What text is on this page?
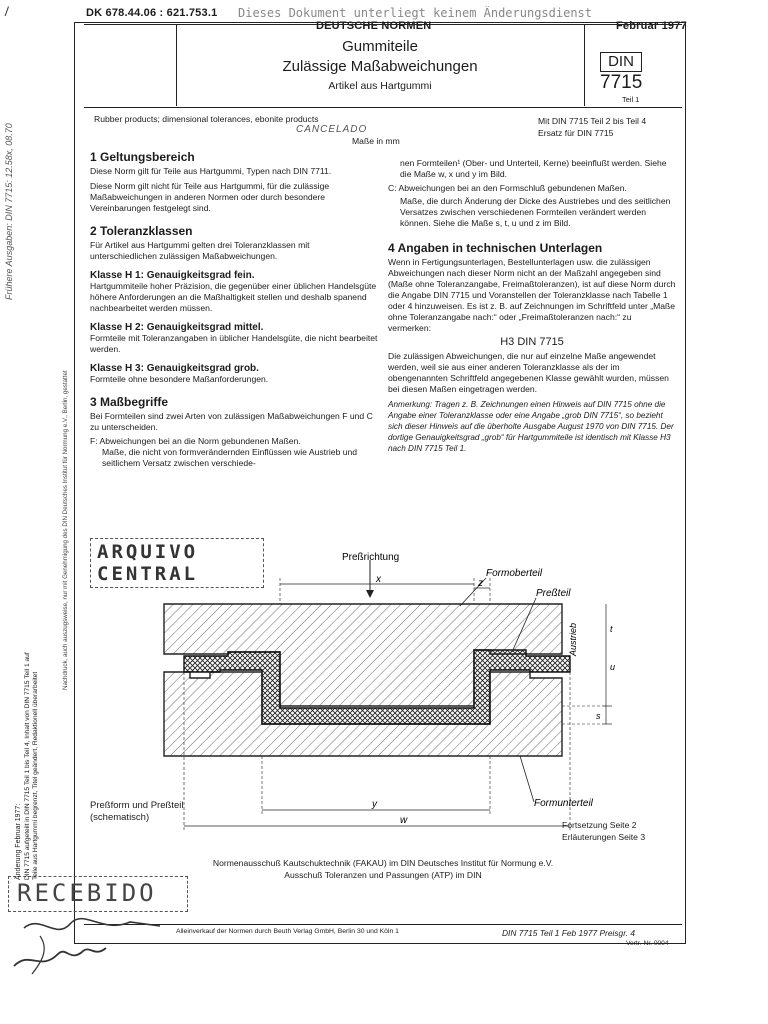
DK 678.44.06 : 621.753.1 Dieses Dokument unterliegt keinem Änderungsdienst
DEUTSCHE NORMEN	Februar 1977
Gummiteile
Zulässige Maßabweichungen
Artikel aus Hartgummi
DIN
7715
Teil 1
Rubber products; dimensional tolerances, ebonite products
CANCELADO
Maße in mm
Mit DIN 7715 Teil 2 bis Teil 4
Ersatz für DIN 7715
1 Geltungsbereich
Diese Norm gilt für Teile aus Hartgummi, Typen nach DIN 7711.
Diese Norm gilt nicht für Teile aus Hartgummi, für die zulässige Maßabweichungen in anderen Normen oder durch besondere Vereinbarungen festgelegt sind.
2 Toleranzklassen
Für Artikel aus Hartgummi gelten drei Toleranzklassen mit unterschiedlichen zulässigen Maßabweichungen.
Klasse H 1: Genauigkeitsgrad fein.
Hartgummiteile hoher Präzision, die gegenüber einer üblichen Handelsgüte höhere Anforderungen an die Maßhaltigkeit stellen und deshalb spanend nachbearbeitet werden müssen.
Klasse H 2: Genauigkeitsgrad mittel.
Formteile mit Toleranzangaben in üblicher Handelsgüte, die nicht bearbeitet werden.
Klasse H 3: Genauigkeitsgrad grob.
Formteile ohne besondere Maßanforderungen.
3 Maßbegriffe
Bei Formteilen sind zwei Arten von zulässigen Maßabweichungen F und C zu unterscheiden.
F: Abweichungen bei an die Norm gebundenen Maßen.
Maße, die nicht von formverändernden Einflüssen wie Austrieb und seitlichem Versatz zwischen verschiede-
nen Formteilen¹ (Ober- und Unterteil, Kerne) beeinflußt werden. Siehe die Maße w, x und y im Bild.
C: Abweichungen bei an den Formschluß gebundenen Maßen.
Maße, die durch Änderung der Dicke des Austriebes und des seitlichen Versatzes zwischen verschiedenen Formteilen verändert werden können. Siehe die Maße s, t, u und z im Bild.
4 Angaben in technischen Unterlagen
Wenn in Fertigungsunterlagen, Bestellunterlagen usw. die zulässigen Abweichungen nach dieser Norm nicht an der Maßzahl angegeben sind (Maße ohne Toleranzangabe, Freimaßtoleranzen), ist auf diese Norm durch die Angabe DIN 7715 und Voranstellen der Toleranzklasse nach Tabelle 1 oder 4 hinzuweisen. Es ist z. B. auf Zeichnungen im Schriftfeld unter „Maße ohne Toleranzangabe nach:“ oder „Freimaßtoleranzen nach:“ zu vermerken:
H3 DIN 7715
Die zulässigen Abweichungen, die nur auf einzelne Maße angewendet werden, weil sie aus einer anderen Toleranzklasse als der im obengenannten Schriftfeld angegebenen Klasse gewählt wurden, müssen bei diesen Maßen eingetragen werden.
Anmerkung: Tragen z. B. Zeichnungen einen Hinweis auf DIN 7715 ohne die Angabe einer Toleranzklasse oder eine Angabe „grob DIN 7715“, so bezieht sich dieser Hinweis auf die überholte Ausgabe August 1970 von DIN 7715. Der dortige Genauigkeitsgrad „grob“ für Hartgummiteile ist identisch mit Klasse H3 nach DIN 7715 Teil 1.
ARQUIVO
CENTRAL
Preßrichtung
Formoberteil
Preßteil
Austrieb
Formunterteil
x	z
t
u
s
y
w
Preßform und Preßteil
(schematisch)
Fortsetzung Seite 2
Erläuterungen Seite 3
Normenausschuß Kautschuktechnik (FAKAU) im DIN Deutsches Institut für Normung e.V.
Ausschuß Toleranzen und Passungen (ATP) im DIN
RECEBIDO
Alleinverkauf der Normen durch Beuth Verlag GmbH, Berlin 30 und Köln 1	DIN 7715 Teil 1 Feb 1977 Preisgr. 4
Vertr.-Nr. 0004
Frühere Ausgaben: DIN 7715: 12.58x, 08.70
Änderung Februar 1977: DIN 7715 aufgeteilt in DIN 7715 Teil 1 bis Teil 4, Inhalt von DIN 7715 Teil 1 auf Teile aus Hartgummi begrenzt, Titel geändert, Redaktionell überarbeitet
Nachdruck, auch auszugsweise, nur mit Genehmigung des DIN Deutsches Institut für Normung e.V., Berlin, gestattet
